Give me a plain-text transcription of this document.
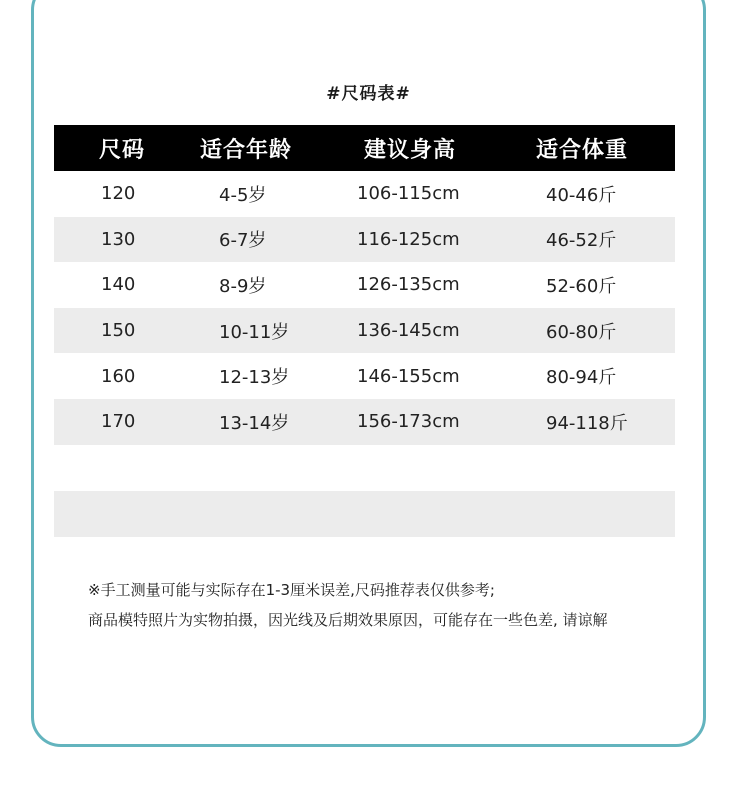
#尺码表#
尺码	适合年龄	建议身高	适合体重
120	4-5岁	106-115cm	40-46斤
130	6-7岁	116-125cm	46-52斤
140	8-9岁	126-135cm	52-60斤
150	10-11岁	136-145cm	60-80斤
160	12-13岁	146-155cm	80-94斤
170	13-14岁	156-173cm	94-118斤
※手工测量可能与实际存在1-3厘米误差,尺码推荐表仅供参考;
商品模特照片为实物拍摄，因光线及后期效果原因，可能存在一些色差, 请谅解
